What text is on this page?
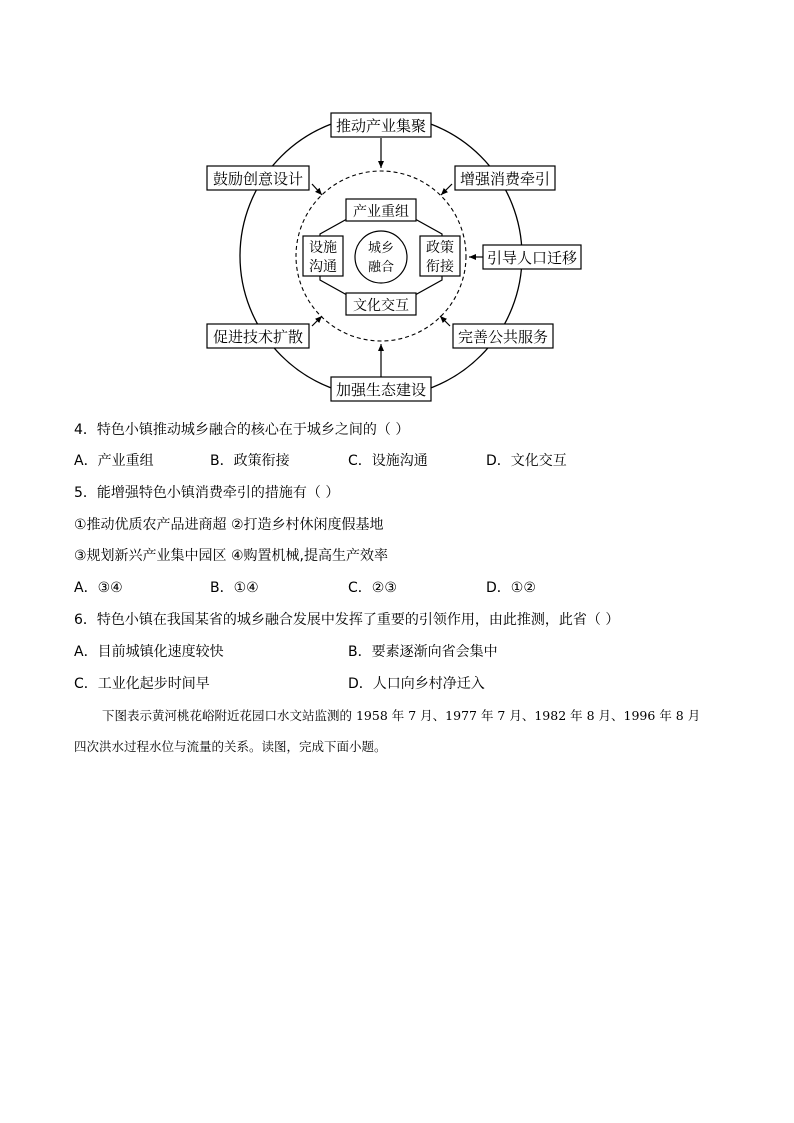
推动产业集聚
鼓励创意设计	增强消费牵引
引导人口迁移
促进技术扩散	完善公共服务
加强生态建设
产业重组
文化交互
设施
沟通
政策
衔接
城乡
融合
4．特色小镇推动城乡融合的核心在于城乡之间的（ ）
A．产业重组	B．政策衔接	C．设施沟通	D．文化交互
5．能增强特色小镇消费牵引的措施有（ ）
①推动优质农产品进商超 ②打造乡村休闲度假基地
③规划新兴产业集中园区 ④购置机械,提高生产效率
A．③④	B．①④	C．②③	D．①②
6．特色小镇在我国某省的城乡融合发展中发挥了重要的引领作用，由此推测，此省（ ）
A．目前城镇化速度较快	B．要素逐渐向省会集中
C．工业化起步时间早	D．人口向乡村净迁入
下图表示黄河桃花峪附近花园口水文站监测的 1958 年 7 月、1977 年 7 月、1982 年 8 月、1996 年 8 月
四次洪水过程水位与流量的关系。读图，完成下面小题。
